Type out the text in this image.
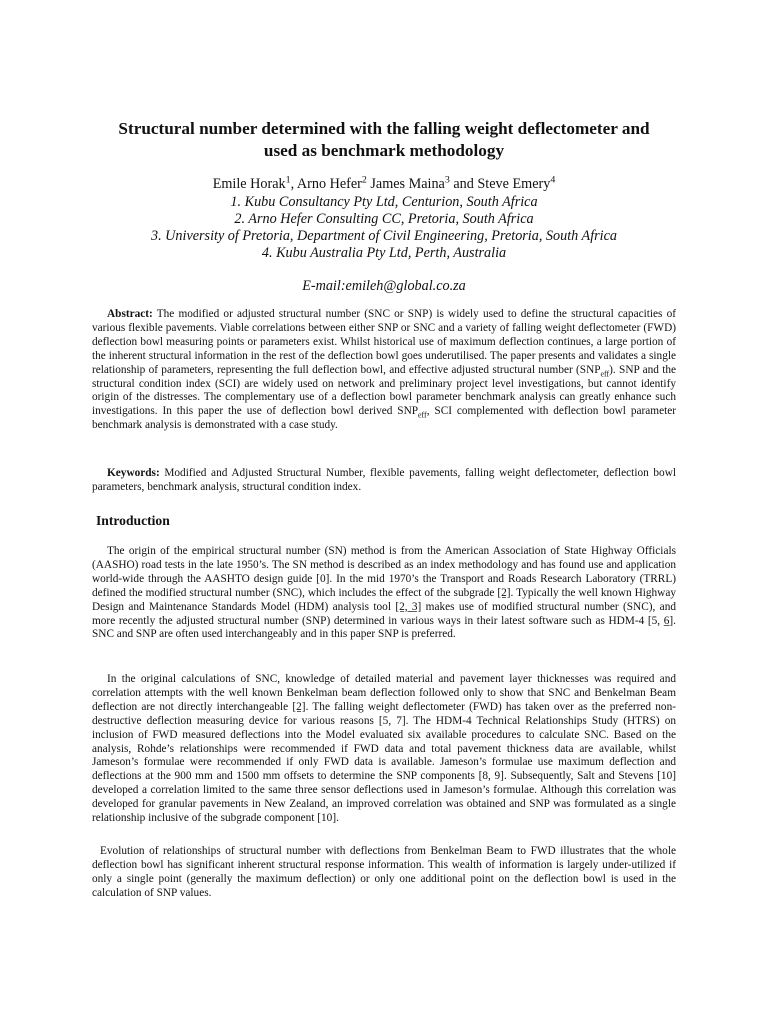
Structural number determined with the falling weight deflectometer and
used as benchmark methodology
Emile Horak$^1$, Arno Hefer$^2$ James Maina$^3$ and Steve Emery$^4$
1. Kubu Consultancy Pty Ltd, Centurion, South Africa
2. Arno Hefer Consulting CC, Pretoria, South Africa
3. University of Pretoria, Department of Civil Engineering, Pretoria, South Africa
4. Kubu Australia Pty Ltd, Perth, Australia
E-mail:emileh@global.co.za

Abstract: The modified or adjusted structural number (SNC or SNP) is widely used to define the structural capacities of various flexible pavements. Viable correlations between either SNP or SNC and a variety of falling weight deflectometer (FWD) deflection bowl measuring points or parameters exist. Whilst historical use of maximum deflection continues, a large portion of the inherent structural information in the rest of the deflection bowl goes underutilised. The paper presents and validates a single relationship of parameters, representing the full deflection bowl, and effective adjusted structural number $(SNP_{eff})$. SNP and the structural condition index (SCI) are widely used on network and preliminary project level investigations, but cannot identify origin of the distresses. The complementary use of a deflection bowl parameter benchmark analysis can greatly enhance such investigations. In this paper the use of deflection bowl derived $SNP_{eff}$, SCI complemented with deflection bowl parameter benchmark analysis is demonstrated with a case study.

Keywords: Modified and Adjusted Structural Number, flexible pavements, falling weight deflectometer, deflection bowl parameters, benchmark analysis, structural condition index.

Introduction

The origin of the empirical structural number (SN) method is from the American Association of State Highway Officials (AASHO) road tests in the late 1950’s. The SN method is described as an index methodology and has found use and application world-wide through the AASHTO design guide [0]. In the mid 1970’s the Transport and Roads Research Laboratory (TRRL) defined the modified structural number (SNC), which includes the effect of the subgrade [2]. Typically the well known Highway Design and Maintenance Standards Model (HDM) analysis tool [2, 3] makes use of modified structural number (SNC), and more recently the adjusted structural number (SNP) determined in various ways in their latest software such as HDM-4 [5, 6]. SNC and SNP are often used interchangeably and in this paper SNP is preferred.

In the original calculations of SNC, knowledge of detailed material and pavement layer thicknesses was required and correlation attempts with the well known Benkelman beam deflection followed only to show that SNC and Benkelman Beam deflection are not directly interchangeable [2]. The falling weight deflectometer (FWD) has taken over as the preferred non-destructive deflection measuring device for various reasons [5, 7]. The HDM-4 Technical Relationships Study (HTRS) on inclusion of FWD measured deflections into the Model evaluated six available procedures to calculate SNC. Based on the analysis, Rohde’s relationships were recommended if FWD data and total pavement thickness data are available, whilst Jameson’s formulae were recommended if only FWD data is available. Jameson’s formulae use maximum deflection and deflections at the 900 mm and 1500 mm offsets to determine the SNP components [8, 9]. Subsequently, Salt and Stevens [10] developed a correlation limited to the same three sensor deflections used in Jameson’s formulae. Although this correlation was developed for granular pavements in New Zealand, an improved correlation was obtained and SNP was formulated as a single relationship inclusive of the subgrade component [10].

Evolution of relationships of structural number with deflections from Benkelman Beam to FWD illustrates that the whole deflection bowl has significant inherent structural response information. This wealth of information is largely under-utilized if only a single point (generally the maximum deflection) or only one additional point on the deflection bowl is used in the calculation of SNP values.
